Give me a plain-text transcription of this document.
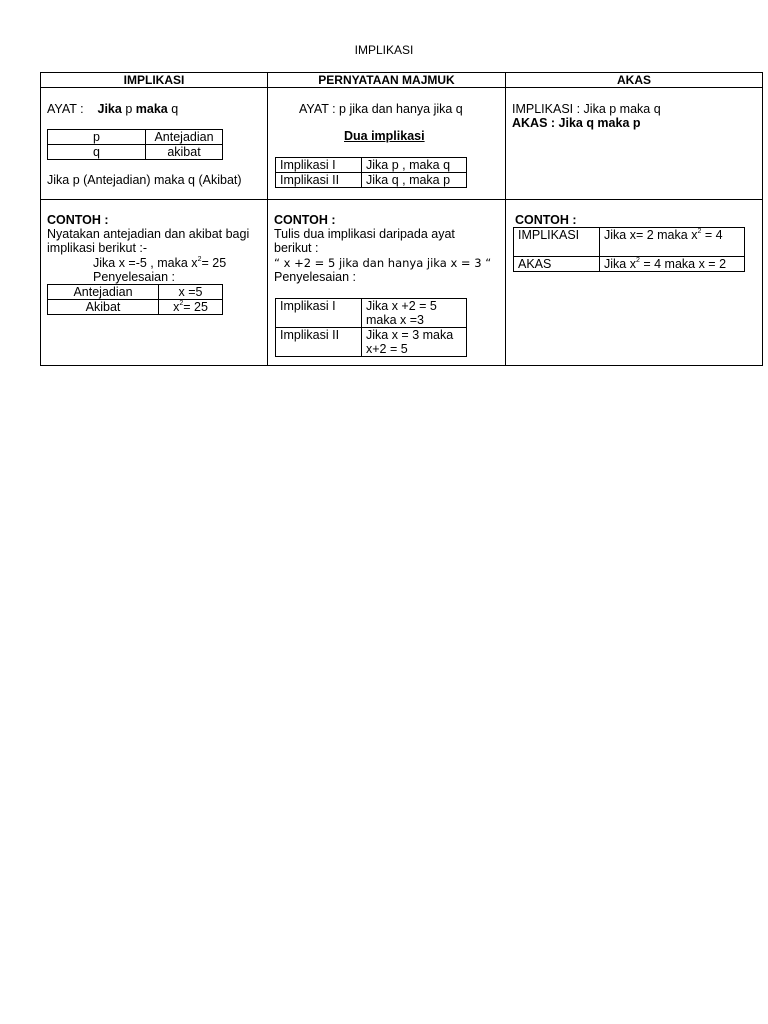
IMPLIKASI
IMPLIKASI	PERNYATAAN MAJMUK	AKAS

AYAT : Jika p maka q
p	Antejadian
q	akibat
Jika p (Antejadian) maka q (Akibat)

AYAT : p jika dan hanya jika q
Dua implikasi
Implikasi I	Jika p , maka q
Implikasi II	Jika q , maka p

IMPLIKASI : Jika p maka q
AKAS : Jika q maka p

CONTOH :
Nyatakan antejadian dan akibat bagi
implikasi berikut :-
Jika x =-5 , maka $x^2= 25$
Penyelesaian :
Antejadian	x =5
Akibat	$x^2= 25$

CONTOH :
Tulis dua implikasi daripada ayat
berikut :
“ x +2 = 5 jika dan hanya jika x = 3 “
Penyelesaian :
Implikasi I	Jika x +2 = 5 maka x =3
Implikasi II	Jika x = 3 maka x+2 = 5

CONTOH :
IMPLIKASI	Jika x= 2 maka $x^2 = 4$
AKAS	Jika $x^2 = 4$ maka x = 2
